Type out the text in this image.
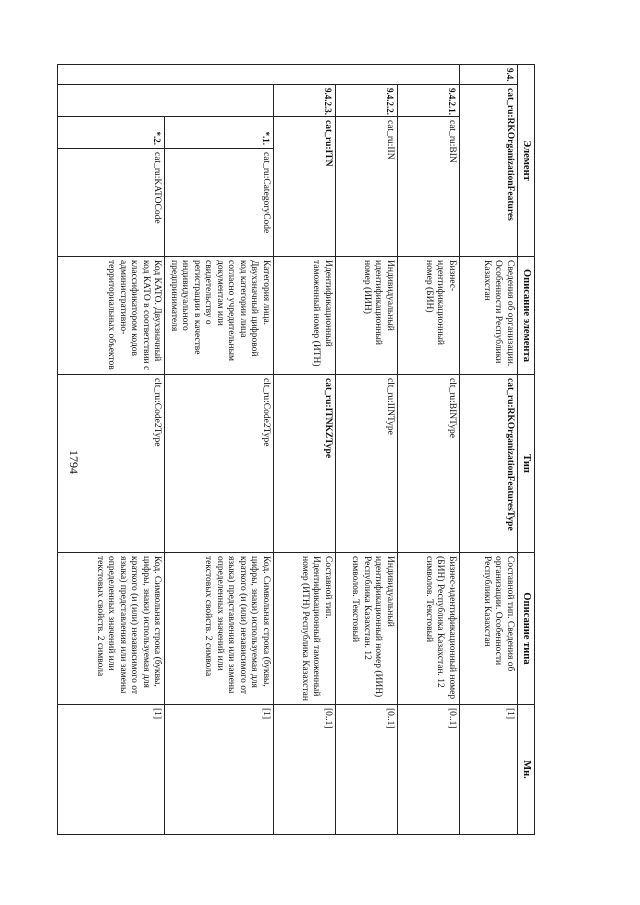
1794
Элемент				Описание элемента	Тип	Описание типа	Мн.
9.4.	cat_ru:RKOrganizationFeatures			Сведения об организации. Особенности Республики Казахстан	cat_ru:RKOrganizationFeaturesType	Составной тип. Сведения об организации. Особенности Республики Казахстан	[1]
	9.4.2.1.	cat_ru:BIN		Бизнес-идентификационный номер (БИН)	clt_ru:BINType	Бизнес-идентификационный номер (БИН) Республика Казахстан. 12 символов. Текстовый	[0..1]
	9.4.2.2.	cat_ru:IIN		Индивидуальный идентификационный номер (ИИН)	clt_ru:IINType	Индивидуальный идентификационный номер (ИИН) Республика Казахстан. 12 символов. Текстовый	[0..1]
	9.4.2.3.	cat_ru:ITN		Идентификационный таможенный номер (ИТН)	cat_ru:ITNKZType	Составной тип. Идентификационный таможенный номер (ИТН) Республика Казахстан	[0..1]
		*.1.	cat_ru:CategoryCode	Категория лица. Двухзначный цифровой код категории лица согласно учредительным документам или свидетельству о регистрации в качестве индивидуального предпринимателя	clt_ru:Code2Type	Код. Символьная строка (буквы, цифры, знаки) используемая для краткого (и (или) независимого от языка) представления или замены определенных значений или текстовых свойств. 2 символа	[1]
		*.2.	cat_ru:KATOCode	Код КАТО. Двухзначный код КАТО в соответствии с классификатором кодов административно-территориальных объектов	clt_ru:Code2Type	Код. Символьная строка (буквы, цифры, знаки) используемая для краткого (и (или) независимого от языка) представления или замены определенных значений или текстовых свойств. 2 символа	[1]
